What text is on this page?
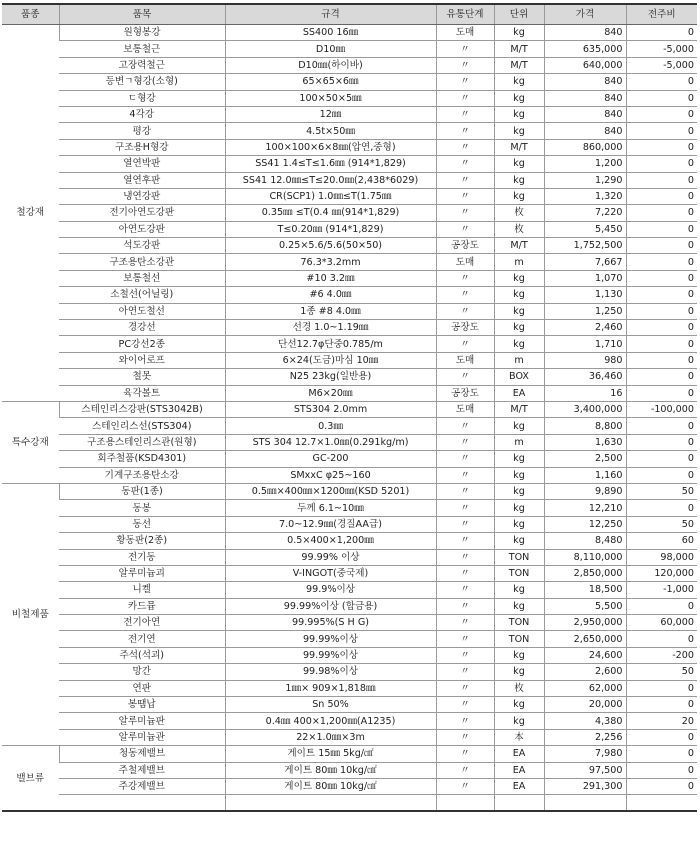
품종	품목	규격	유통단계	단위	가격	전주비
철강재	원형봉강	SS400 16㎜	도매	kg	840	0
	보통철근	D10㎜	〃	M/T	635,000	-5,000
	고장력철근	D10㎜(하이바)	〃	M/T	640,000	-5,000
	등변ㄱ형강(소형)	65×65×6㎜	〃	kg	840	0
	ㄷ형강	100×50×5㎜	〃	kg	840	0
	4각강	12㎜	〃	kg	840	0
	평강	4.5t×50㎜	〃	kg	840	0
	구조용H형강	100×100×6×8㎜(압연,중형)	〃	M/T	860,000	0
	열연박판	SS41 1.4≤T≤1.6㎜ (914*1,829)	〃	kg	1,200	0
	열연후판	SS41 12.0㎜≤T≤20.0㎜(2,438*6029)	〃	kg	1,290	0
	냉연강판	CR(SCP1) 1.0㎜≤T(1.75㎜	〃	kg	1,320	0
	전기아연도강판	0.35㎜ ≤T(0.4 ㎜(914*1,829)	〃	枚	7,220	0
	아연도강판	T≤0.20㎜ (914*1,829)	〃	枚	5,450	0
	석도강판	0.25×5.6/5.6(50×50)	공장도	M/T	1,752,500	0
	구조용탄소강관	76.3*3.2mm	도매	m	7,667	0
	보통철선	#10 3.2㎜	〃	kg	1,070	0
	소철선(어닐링)	#6 4.0㎜	〃	kg	1,130	0
	아연도철선	1종 #8 4.0㎜	〃	kg	1,250	0
	경강선	선경 1.0~1.19㎜	공장도	kg	2,460	0
	PC강선2종	단선12.7φ단중0.785/m	〃	kg	1,710	0
	와이어로프	6×24(도금)마심 10㎜	도매	m	980	0
	철못	N25 23kg(일반용)	〃	BOX	36,460	0
	육각볼트	M6×20㎜	공장도	EA	16	0
특수강재	스테인리스강판(STS3042B)	STS304 2.0mm	도매	M/T	3,400,000	-100,000
	스테인리스선(STS304)	0.3㎜	〃	kg	8,800	0
	구조용스테인리스관(원형)	STS 304 12.7×1.0㎜(0.291kg/m)	〃	m	1,630	0
	회주철품(KSD4301)	GC-200	〃	kg	2,500	0
	기계구조용탄소강	SMxxC φ25~160	〃	kg	1,160	0
비철제품	동판(1종)	0.5㎜×400㎜×1200㎜(KSD 5201)	〃	kg	9,890	50
	동봉	두께 6.1~10㎜	〃	kg	12,210	0
	동선	7.0~12.9㎜(경질AA급)	〃	kg	12,250	50
	황동판(2종)	0.5×400×1,200㎜	〃	kg	8,480	60
	전기동	99.99% 이상	〃	TON	8,110,000	98,000
	알루미늄괴	V-INGOT(중국제)	〃	TON	2,850,000	120,000
	니켈	99.9%이상	〃	kg	18,500	-1,000
	카드뮴	99.99%이상 (합금용)	〃	kg	5,500	0
	전기아연	99.995%(S H G)	〃	TON	2,950,000	60,000
	전기연	99.99%이상	〃	TON	2,650,000	0
	주석(석괴)	99.99%이상	〃	kg	24,600	-200
	망간	99.98%이상	〃	kg	2,600	50
	연판	1㎜× 909×1,818㎜	〃	枚	62,000	0
	봉땜납	Sn 50%	〃	kg	20,000	0
	알루미늄판	0.4㎜ 400×1,200㎜(A1235)	〃	kg	4,380	20
	알루미늄관	22×1.0㎜×3m	〃	本	2,256	0
밸브류	청동제밸브	게이트 15㎜ 5kg/㎠	〃	EA	7,980	0
	주철제밸브	게이트 80㎜ 10kg/㎠	〃	EA	97,500	0
	주강제밸브	게이트 80㎜ 10kg/㎠	〃	EA	291,300	0
